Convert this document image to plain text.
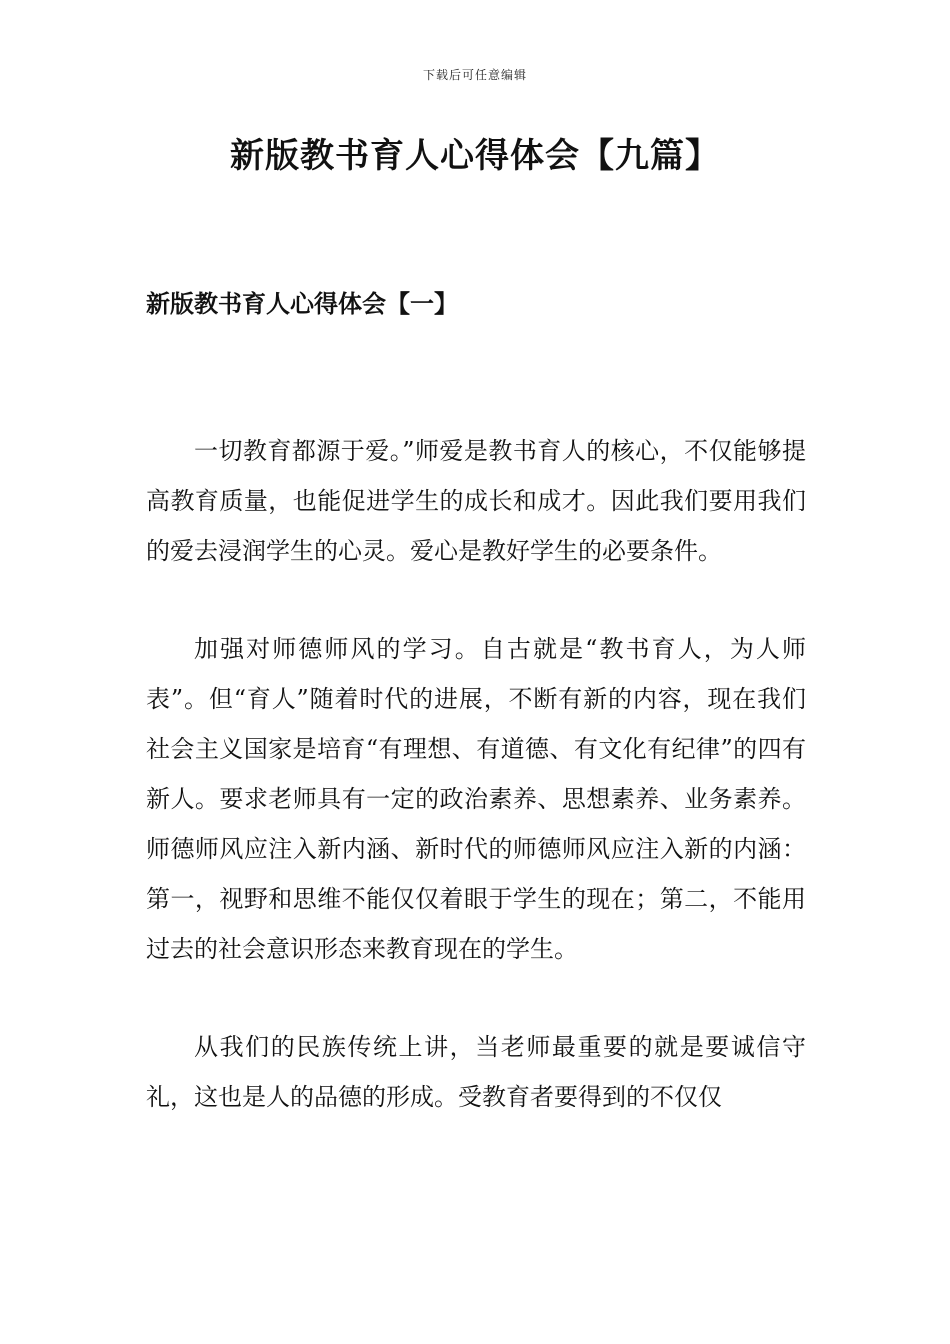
下载后可任意编辑
新版教书育人心得体会【九篇】
新版教书育人心得体会【一】

一切教育都源于爱。”师爱是教书育人的核心，不仅能够提高教育质量，也能促进学生的成长和成才。因此我们要用我们的爱去浸润学生的心灵。爱心是教好学生的必要条件。

加强对师德师风的学习。自古就是“教书育人，为人师表”。但“育人”随着时代的进展，不断有新的内容，现在我们社会主义国家是培育“有理想、有道德、有文化有纪律”的四有新人。要求老师具有一定的政治素养、思想素养、业务素养。师德师风应注入新内涵、新时代的师德师风应注入新的内涵：第一，视野和思维不能仅仅着眼于学生的现在；第二，不能用过去的社会意识形态来教育现在的学生。

从我们的民族传统上讲，当老师最重要的就是要诚信守礼，这也是人的品德的形成。受教育者要得到的不仅仅
